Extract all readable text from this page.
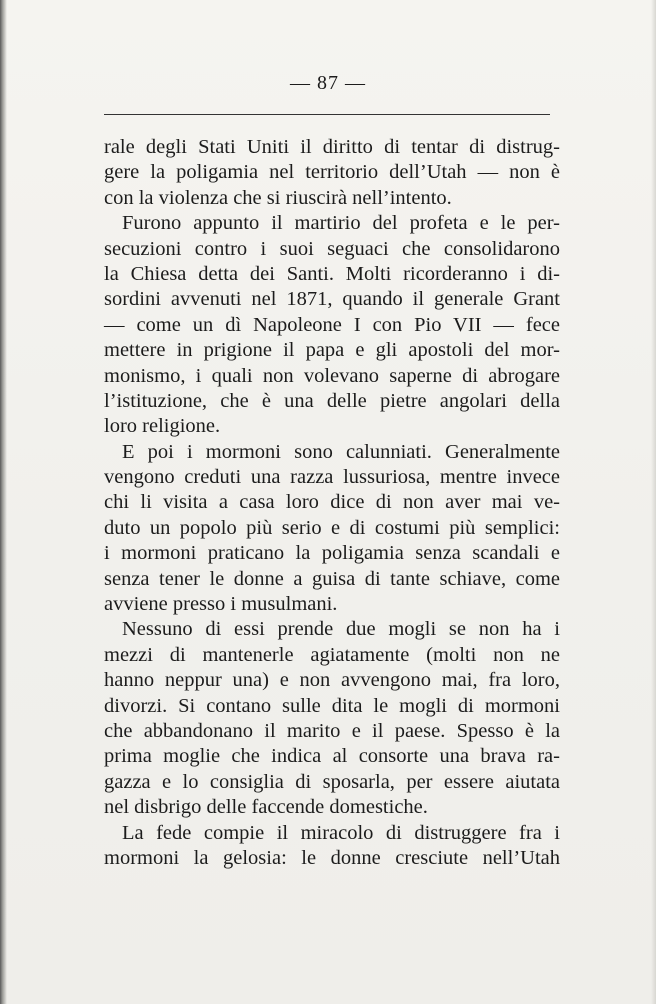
— 87 —
rale degli Stati Uniti il diritto di tentar di distrug-
gere la poligamia nel territorio dell’Utah — non è
con la violenza che si riuscirà nell’intento.
Furono appunto il martirio del profeta e le per-
secuzioni contro i suoi seguaci che consolidarono
la Chiesa detta dei Santi. Molti ricorderanno i di-
sordini avvenuti nel 1871, quando il generale Grant
— come un dì Napoleone I con Pio VII — fece
mettere in prigione il papa e gli apostoli del mor-
monismo, i quali non volevano saperne di abrogare
l’istituzione, che è una delle pietre angolari della
loro religione.
E poi i mormoni sono calunniati. Generalmente
vengono creduti una razza lussuriosa, mentre invece
chi li visita a casa loro dice di non aver mai ve-
duto un popolo più serio e di costumi più semplici:
i mormoni praticano la poligamia senza scandali e
senza tener le donne a guisa di tante schiave, come
avviene presso i musulmani.
Nessuno di essi prende due mogli se non ha i
mezzi di mantenerle agiatamente (molti non ne
hanno neppur una) e non avvengono mai, fra loro,
divorzi. Si contano sulle dita le mogli di mormoni
che abbandonano il marito e il paese. Spesso è la
prima moglie che indica al consorte una brava ra-
gazza e lo consiglia di sposarla, per essere aiutata
nel disbrigo delle faccende domestiche.
La fede compie il miracolo di distruggere fra i
mormoni la gelosia: le donne cresciute nell’Utah
